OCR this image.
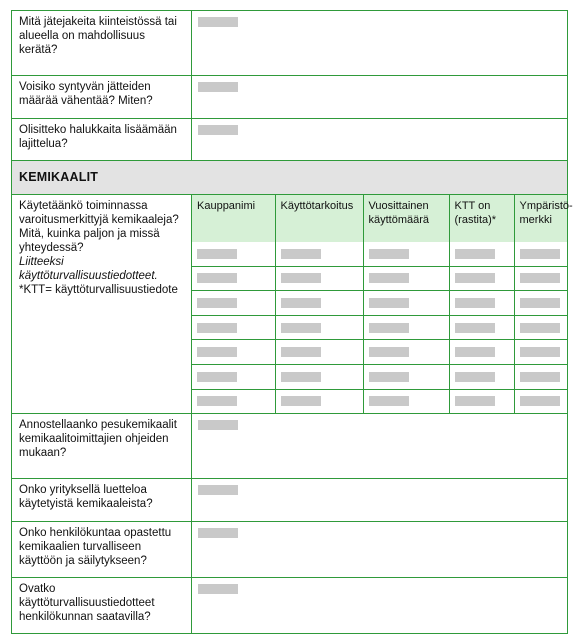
Mitä jätejakeita kiinteistössä tai alueella on mahdollisuus kerätä?	

Voisiko syntyvän jätteiden määrää vähentää? Miten?	

Olisitteko halukkaita lisäämään lajittelua?	

KEMIKAALIT

Käytetäänkö toiminnassa varoitusmerkittyjä kemikaaleja? Mitä, kuinka paljon ja missä yhteydessä?
Liitteeksi käyttöturvallisuustiedotteet.
*KTT= käyttöturvallisuustiedote

Kauppanimi	Käyttötarkoitus	Vuosittainen käyttömäärä	KTT on (rastita)*	Ympäristö-merkki

Annostellaanko pesukemikaalit kemikaalitoimittajien ohjeiden mukaan?	

Onko yrityksellä luetteloa käytetyistä kemikaaleista?	

Onko henkilökuntaa opastettu kemikaalien turvalliseen käyttöön ja säilytykseen?	

Ovatko käyttöturvallisuustiedotteet henkilökunnan saatavilla?	
